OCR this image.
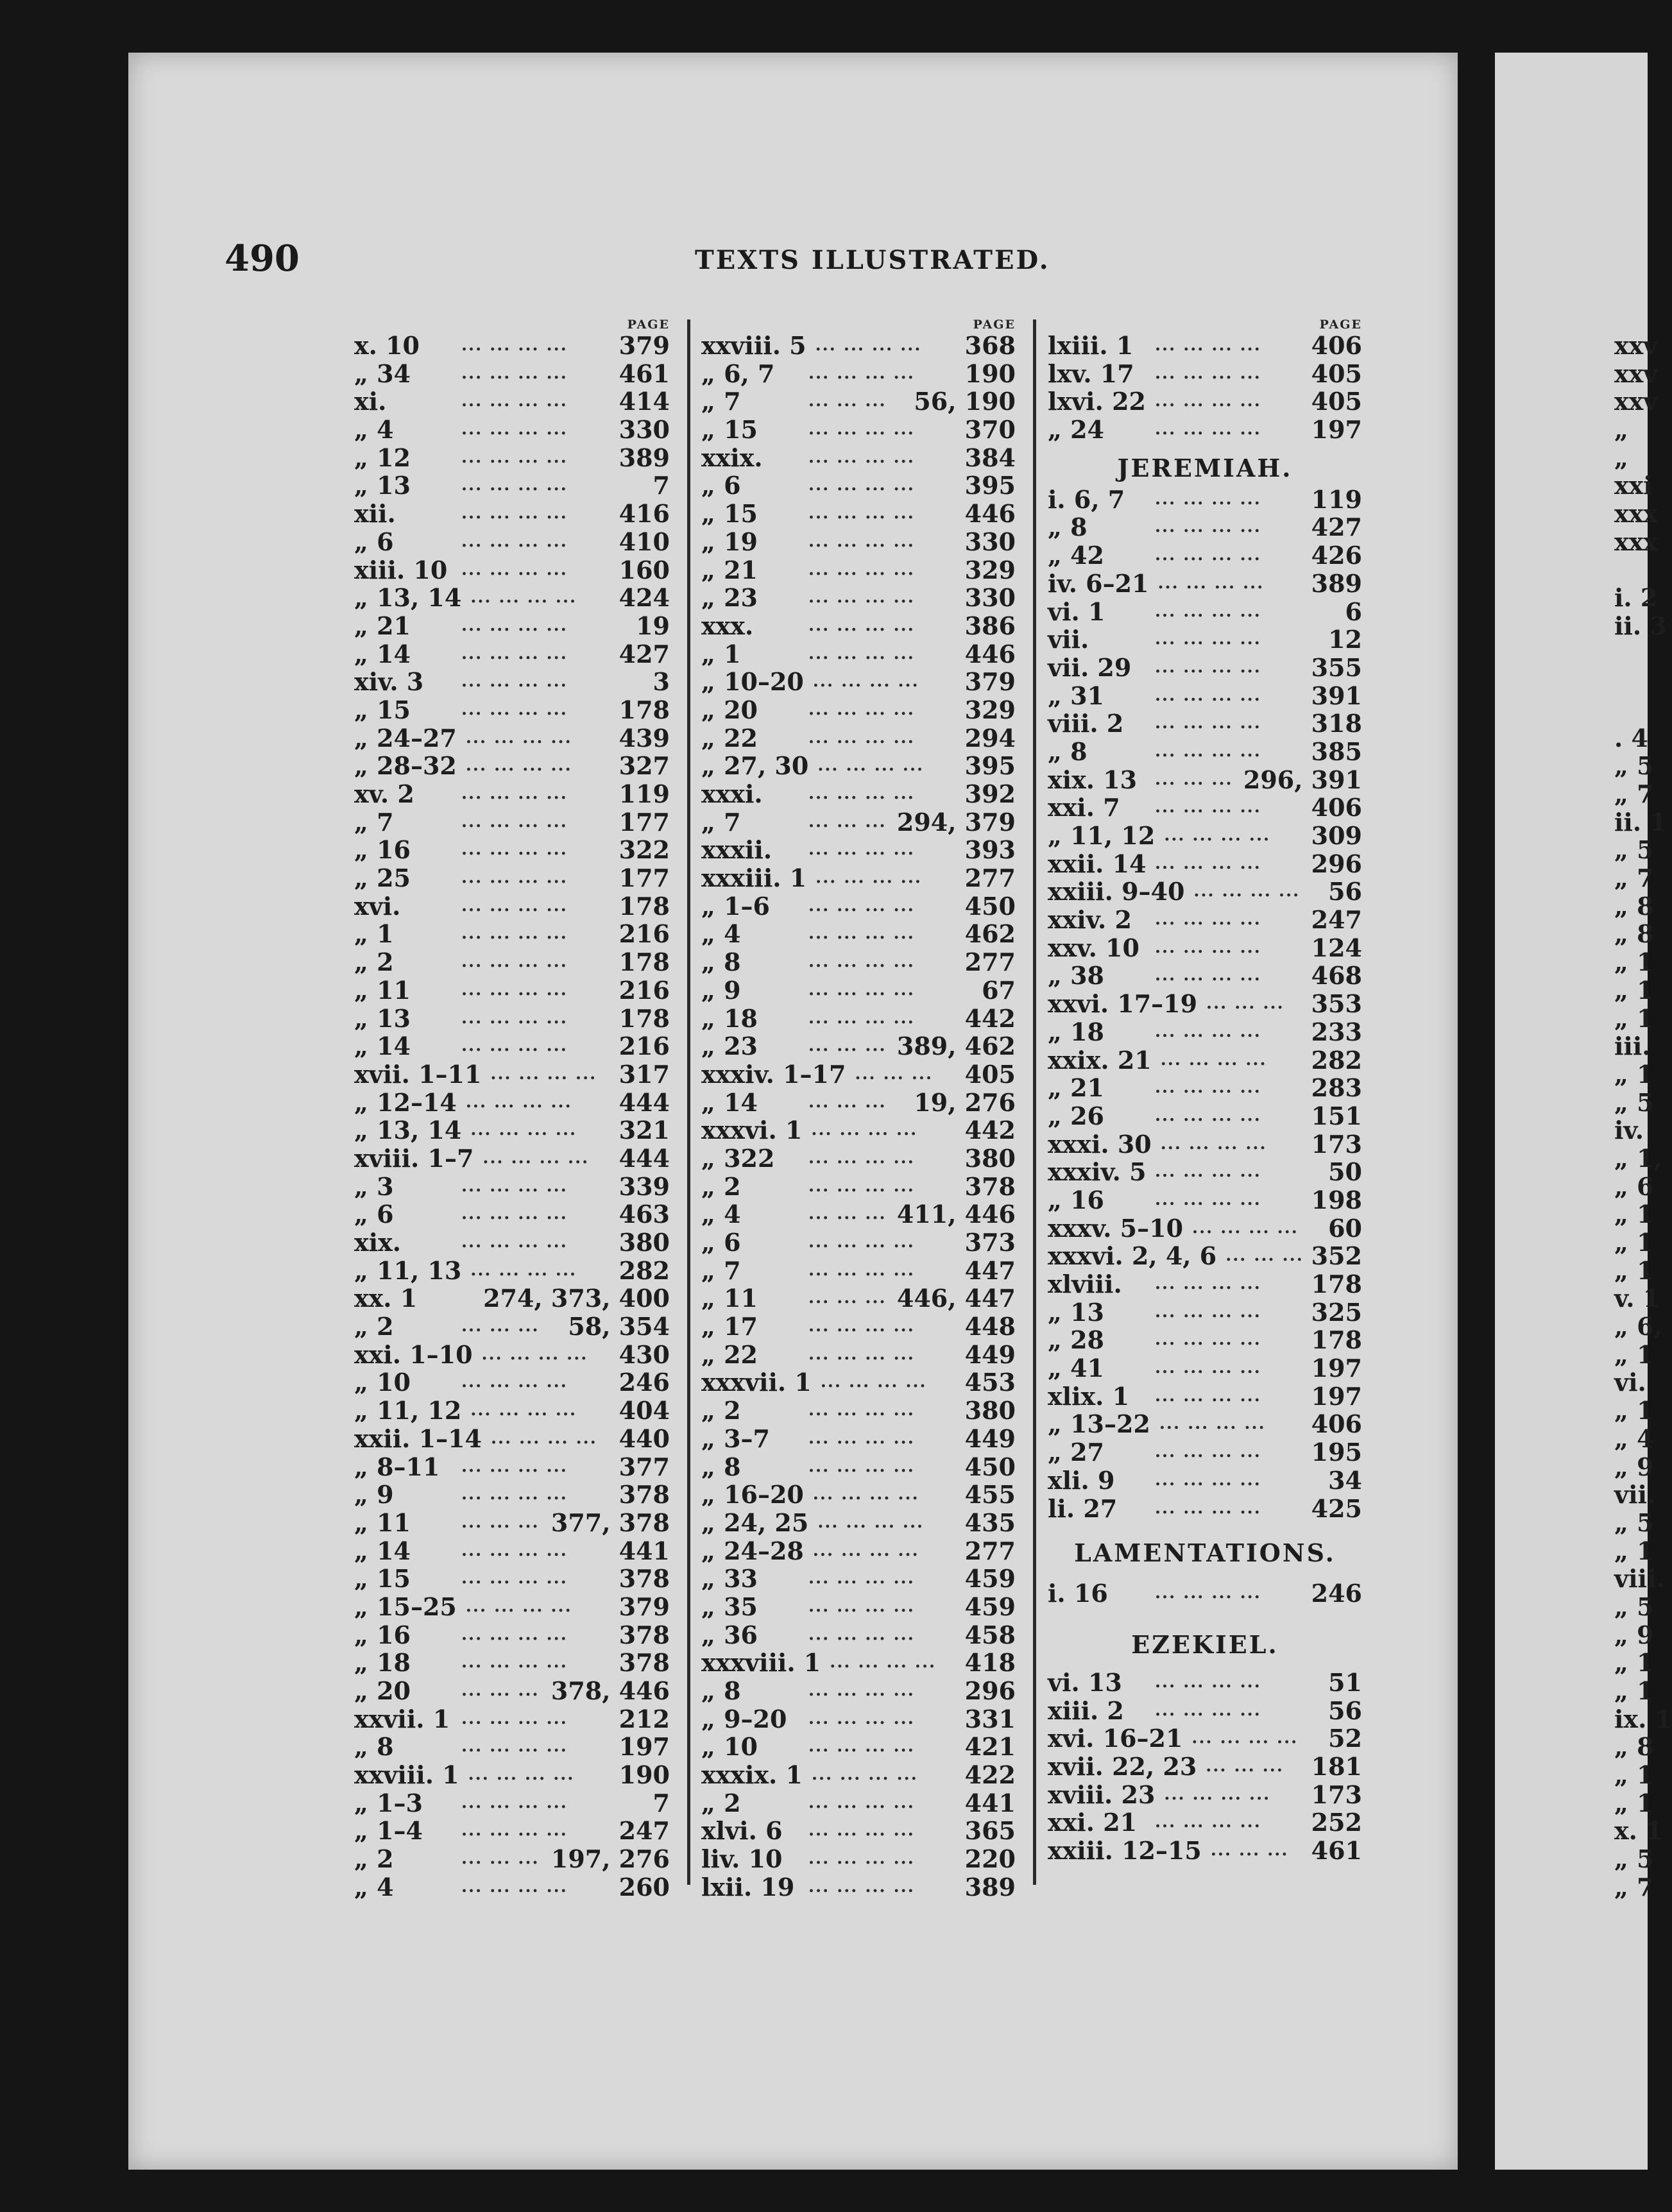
490	TEXTS ILLUSTRATED.
PAGE
x. 10	... ... ... ... 379
„ 34	... ... ... ... 461
xi.	... ... ... ... 414
„ 4	... ... ... ... 330
„ 12	... ... ... ... 389
„ 13	... ... ... ...	7
xii.	... ... ... ... 416
„ 6	... ... ... ... 410
xiii. 10 ... ... ... ... 160
„ 13, 14 ... ... ... ... 424
„ 21	... ... ... ...	19
„ 14	... ... ... ... 427
xiv. 3 ... ... ... ...	3
„ 15	... ... ... ... 178
„ 24–27 ... ... ... ... 439
„ 28–32 ... ... ... ... 327
xv. 2	... ... ... ... 119
„ 7	... ... ... ... 177
„ 16	... ... ... ... 322
„ 25	... ... ... ... 177
xvi.	... ... ... ... 178
„ 1	... ... ... ... 216
„ 2	... ... ... ... 178
„ 11	... ... ... ... 216
„ 13	... ... ... ... 178
„ 14	... ... ... ... 216
xvii. 1–11 ... ... ... ... 317
„ 12–14 ... ... ... ... 444
„ 13, 14 ... ... ... ... 321
xviii. 1–7 ... ... ... ... 444
„ 3	... ... ... ... 339
„ 6	... ... ... ... 463
xix.	... ... ... ... 380
„ 11, 13 ... ... ... ... 282
xx. 1	274, 373, 400
„ 2	... ... ... 58, 354
xxi. 1–10 ... ... ... ... 430
„ 10	... ... ... ... 246
„ 11, 12 ... ... ... ... 404
xxii. 1–14 ... ... ... ... 440
„ 8–11 ... ... ... ... 377
„ 9	... ... ... ... 378
„ 11	... ... ... 377, 378
„ 14	... ... ... ... 441
„ 15	... ... ... ... 378
„ 15–25 ... ... ... ... 379
„ 16	... ... ... ... 378
„ 18	... ... ... ... 378
„ 20	... ... ... 378, 446
xxvii. 1 ... ... ... ... 212
„ 8	... ... ... ... 197
xxviii. 1 ... ... ... ... 190
„ 1–3 ... ... ... ...	7
„ 1–4 ... ... ... ... 247
„ 2	... ... ... 197, 276
„ 4	... ... ... ... 260
PAGE
xxviii. 5 ... ... ... ... 368
„ 6, 7 ... ... ... ... 190
„ 7	... ... ... 56, 190
„ 15	... ... ... ... 370
xxix.	... ... ... ... 384
„ 6	... ... ... ... 395
„ 15	... ... ... ... 446
„ 19	... ... ... ... 330
„ 21	... ... ... ... 329
„ 23	... ... ... ... 330
xxx.	... ... ... ... 386
„ 1	... ... ... ... 446
„ 10–20 ... ... ... ... 379
„ 20	... ... ... ... 329
„ 22	... ... ... ... 294
„ 27, 30 ... ... ... ... 395
xxxi.	... ... ... ... 392
„ 7	... ... ... 294, 379
xxxii. ... ... ... ... 393
xxxiii. 1 ... ... ... ... 277
„ 1–6 ... ... ... ... 450
„ 4	... ... ... ... 462
„ 8	... ... ... ... 277
„ 9	... ... ... ...	67
„ 18	... ... ... ... 442
„ 23	... ... ... 389, 462
xxxiv. 1–17 ... ... ... 405
„ 14	... ... ... 19, 276
xxxvi. 1 ... ... ... ... 442
„ 322 ... ... ... ... 380
„ 2	... ... ... ... 378
„ 4	... ... ... 411, 446
„ 6	... ... ... ... 373
„ 7	... ... ... ... 447
„ 11	... ... ... 446, 447
„ 17	... ... ... ... 448
„ 22	... ... ... ... 449
xxxvii. 1 ... ... ... ... 453
„ 2	... ... ... ... 380
„ 3–7 ... ... ... ... 449
„ 8	... ... ... ... 450
„ 16–20 ... ... ... ... 455
„ 24, 25 ... ... ... ... 435
„ 24–28 ... ... ... ... 277
„ 33	... ... ... ... 459
„ 35	... ... ... ... 459
„ 36	... ... ... ... 458
xxxviii. 1 ... ... ... ... 418
„ 8	... ... ... ... 296
„ 9–20 ... ... ... ... 331
„ 10	... ... ... ... 421
xxxix. 1 ... ... ... ... 422
„ 2	... ... ... ... 441
xlvi. 6 ... ... ... ... 365
liv. 10 ... ... ... ... 220
lxii. 19 ... ... ... ... 389
PAGE
lxiii. 1 ... ... ... ... 406
lxv. 17 ... ... ... ... 405
lxvi. 22 ... ... ... ... 405
„ 24	... ... ... ... 197
JEREMIAH.
i. 6, 7 ... ... ... ... 119
„ 8	... ... ... ... 427
„ 42	... ... ... ... 426
iv. 6–21 ... ... ... ... 389
vi. 1	... ... ... ...	6
vii.	... ... ... ...	12
vii. 29 ... ... ... ... 355
„ 31	... ... ... ... 391
viii. 2 ... ... ... ... 318
„ 8	... ... ... ... 385
xix. 13 ... ... ... 296, 391
xxi. 7 ... ... ... ... 406
„ 11, 12 ... ... ... ... 309
xxii. 14 ... ... ... ... 296
xxiii. 9–40 ... ... ... ... 56
xxiv. 2 ... ... ... ... 247
xxv. 10 ... ... ... ... 124
„ 38	... ... ... ... 468
xxvi. 17–19 ... ... ... 353
„ 18	... ... ... ... 233
xxix. 21 ... ... ... ... 282
„ 21	... ... ... ... 283
„ 26	... ... ... ... 151
xxxi. 30 ... ... ... ... 173
xxxiv. 5 ... ... ... ...	50
„ 16	... ... ... ... 198
xxxv. 5–10 ... ... ... ... 60
xxxvi. 2, 4, 6 ... ... ... 352
xlviii. ... ... ... ... 178
„ 13	... ... ... ... 325
„ 28	... ... ... ... 178
„ 41	... ... ... ... 197
xlix. 1 ... ... ... ... 197
„ 13–22 ... ... ... ... 406
„ 27	... ... ... ... 195
xli. 9 ... ... ... ...	34
li. 27 ... ... ... ... 425
LAMENTATIONS.
i. 16	... ... ... ... 246
EZEKIEL.
vi. 13 ... ... ... ...	51
xiii. 2 ... ... ... ...	56
xvi. 16–21 ... ... ... ... 52
xvii. 22, 23 ... ... ... 181
xviii. 23 ... ... ... ... 173
xxi. 21 ... ... ... ... 252
xxiii. 12–15 ... ... ... 461
xxv
xxv
xxv
„
„
xxi
xxx
xxx
i. 2
ii. 3
. 4
„ 5
„ 7
ii. 1
„ 5
„ 7
„ 8
„ 8
„ 1
„ 1
„ 1
iii.
„ 1
„ 5
iv.
„ 1,
„ 6
„ 1
„ 1
„ 1
v. 1
„ 6,
„ 1
vi.
„ 1
„ 4
„ 9
vii.
„ 5
„ 1
viii.
„ 5
„ 9
„ 1
„ 1
ix. 1
„ 8
„ 1
„ 1
x. 1
„ 5
„ 7
